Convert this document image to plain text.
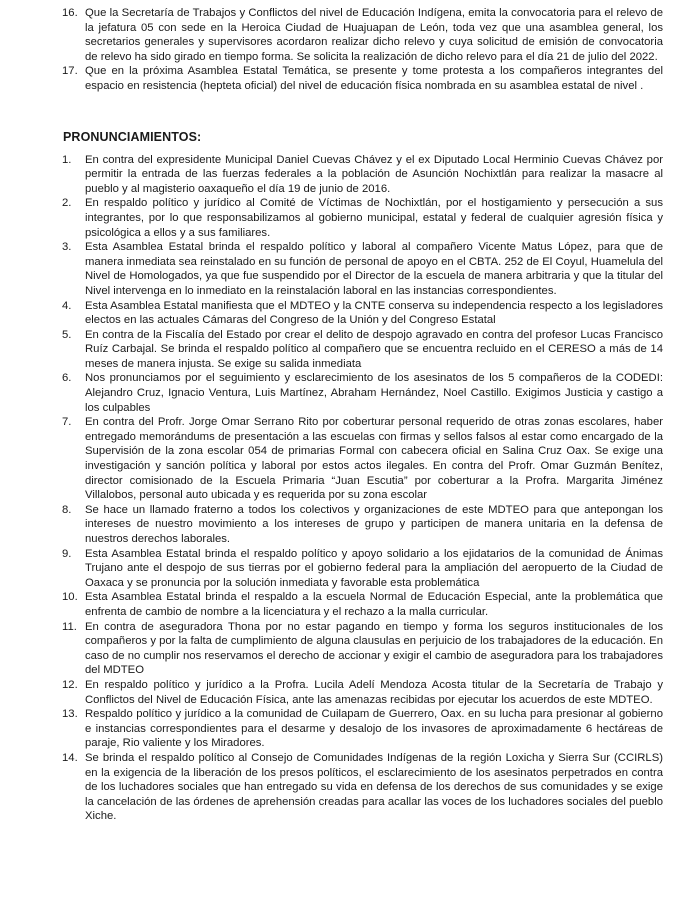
16. Que la Secretaría de Trabajos y Conflictos del nivel de Educación Indígena, emita la convocatoria para el relevo de la jefatura 05 con sede en la Heroica Ciudad de Huajuapan de León, toda vez que una asamblea general, los secretarios generales y supervisores acordaron realizar dicho relevo y cuya solicitud de emisión de convocatoria de relevo ha sido girado en tiempo forma. Se solicita la realización de dicho relevo para el día 21 de julio del 2022.
17. Que en la próxima Asamblea Estatal Temática, se presente y tome protesta a los compañeros integrantes del espacio en resistencia (hepteta oficial) del nivel de educación física nombrada en su asamblea estatal de nivel .
PRONUNCIAMIENTOS:
1. En contra del expresidente Municipal Daniel Cuevas Chávez y el ex Diputado Local Herminio Cuevas Chávez por permitir la entrada de las fuerzas federales a la población de Asunción Nochixtlán para realizar la masacre al pueblo y al magisterio oaxaqueño el día 19 de junio de 2016.
2. En respaldo político y jurídico al Comité de Víctimas de Nochixtlán, por el hostigamiento y persecución a sus integrantes, por lo que responsabilizamos al gobierno municipal, estatal y federal de cualquier agresión física y psicológica a ellos y a sus familiares.
3. Esta Asamblea Estatal brinda el respaldo político y laboral al compañero Vicente Matus López, para que de manera inmediata sea reinstalado en su función de personal de apoyo en el CBTA. 252 de El Coyul, Huamelula del Nivel de Homologados, ya que fue suspendido por el Director de la escuela de manera arbitraria y que la titular del Nivel intervenga en lo inmediato en la reinstalación laboral en las instancias correspondientes.
4. Esta Asamblea Estatal manifiesta que el MDTEO y la CNTE conserva su independencia respecto a los legisladores electos en las actuales Cámaras del Congreso de la Unión y del Congreso Estatal
5. En contra de la Fiscalía del Estado por crear el delito de despojo agravado en contra del profesor Lucas Francisco Ruíz Carbajal. Se brinda el respaldo político al compañero que se encuentra recluido en el CERESO a más de 14 meses de manera injusta. Se exige su salida inmediata
6. Nos pronunciamos por el seguimiento y esclarecimiento de los asesinatos de los 5 compañeros de la CODEDI: Alejandro Cruz, Ignacio Ventura, Luis Martínez, Abraham Hernández, Noel Castillo. Exigimos Justicia y castigo a los culpables
7. En contra del Profr. Jorge Omar Serrano Rito por coberturar personal requerido de otras zonas escolares, haber entregado memorándums de presentación a las escuelas con firmas y sellos falsos al estar como encargado de la Supervisión de la zona escolar 054 de primarias Formal con cabecera oficial en Salina Cruz Oax. Se exige una investigación y sanción política y laboral por estos actos ilegales. En contra del Profr. Omar Guzmán Benítez, director comisionado de la Escuela Primaria “Juan Escutia” por coberturar a la Profra. Margarita Jiménez Villalobos, personal auto ubicada y es requerida por su zona escolar
8. Se hace un llamado fraterno a todos los colectivos y organizaciones de este MDTEO para que antepongan los intereses de nuestro movimiento a los intereses de grupo y participen de manera unitaria en la defensa de nuestros derechos laborales.
9. Esta Asamblea Estatal brinda el respaldo político y apoyo solidario a los ejidatarios de la comunidad de Ánimas Trujano ante el despojo de sus tierras por el gobierno federal para la ampliación del aeropuerto de la Ciudad de Oaxaca y se pronuncia por la solución inmediata y favorable esta problemática
10. Esta Asamblea Estatal brinda el respaldo a la escuela Normal de Educación Especial, ante la problemática que enfrenta de cambio de nombre a la licenciatura y el rechazo a la malla curricular.
11. En contra de aseguradora Thona por no estar pagando en tiempo y forma los seguros institucionales de los compañeros y por la falta de cumplimiento de alguna clausulas en perjuicio de los trabajadores de la educación. En caso de no cumplir nos reservamos el derecho de accionar y exigir el cambio de aseguradora para los trabajadores del MDTEO
12. En respaldo político y jurídico a la Profra. Lucila Adelí Mendoza Acosta titular de la Secretaría de Trabajo y Conflictos del Nivel de Educación Física, ante las amenazas recibidas por ejecutar los acuerdos de este MDTEO.
13. Respaldo político y jurídico a la comunidad de Cuilapam de Guerrero, Oax. en su lucha para presionar al gobierno e instancias correspondientes para el desarme y desalojo de los invasores de aproximadamente 6 hectáreas de paraje, Rio valiente y los Miradores.
14. Se brinda el respaldo político al Consejo de Comunidades Indígenas de la región Loxicha y Sierra Sur (CCIRLS) en la exigencia de la liberación de los presos políticos, el esclarecimiento de los asesinatos perpetrados en contra de los luchadores sociales que han entregado su vida en defensa de los derechos de sus comunidades y se exige la cancelación de las órdenes de aprehensión creadas para acallar las voces de los luchadores sociales del pueblo Xiche.
